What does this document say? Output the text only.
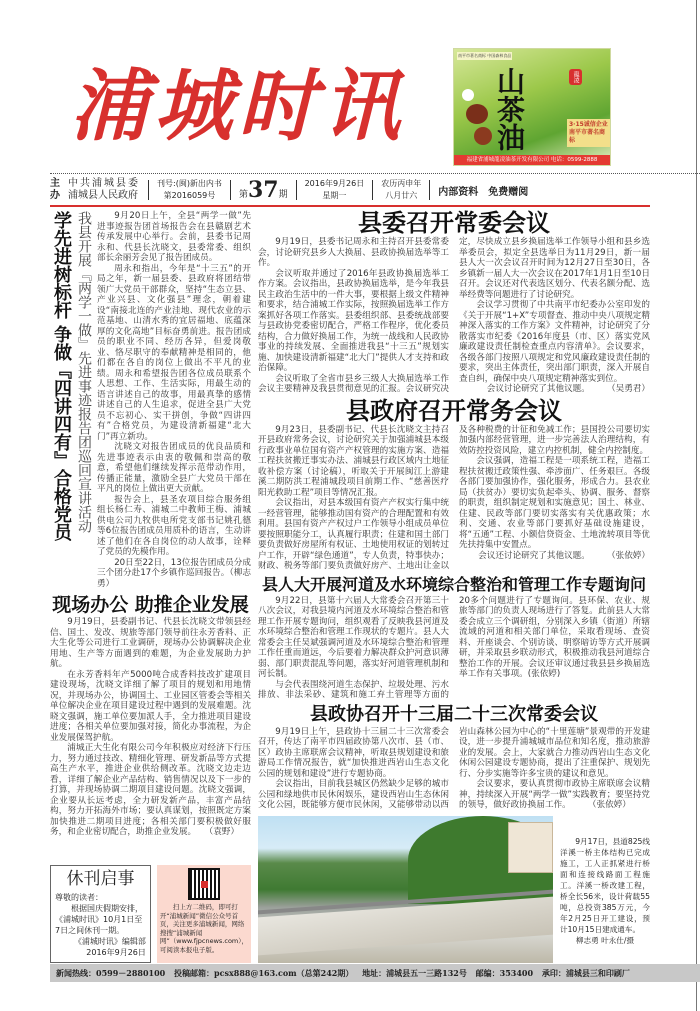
浦城时讯
南平市著名商标 中国森林食品
山茶油	龍凌
3·15诚信企业 南平市著名商标
福建省浦城龍凌油茶开发有限公司 电话：0599-2888
主办
中共浦城县委
浦城县人民政府
刊号:(闽)新出内书
第2016059号	第37期
2016年9月26日
星期一
农历丙申年
八月廿六	内部资料　免费赠阅
学先进树标杆 争做『四讲四有』合格党员 我县开展『两学一做』先进事迹报告团巡回宣讲活动	9月20日上午，全县“两学一做”先进事迹报告团首场报告会在县赣剧艺术传承发展中心举行。会前，县委书记周永和、代县长沈晓文，县委常委、组织部长余丽芳会见了报告团成员。

周永和指出，今年是“十三五”的开局之年，新一届县委、县政府将团结带领广大党员干部群众，坚持“生态立县、产业兴县、文化强县”理念，朝着建设“南接北连的产业洼地、现代农业的示范基地、山清水秀的宜居福地、底蕴深厚的文化高地”目标奋勇前进。报告团成员的职业不同、经历各异，但爱岗敬业、恪尽职守的奉献精神是相同的，他们都在各自的岗位上做出不平凡的业绩。周永和希望报告团各位成员联系个人思想、工作、生活实际，用最生动的语言讲述自己的故事，用最真挚的感情讲述自己的人生追求，促进全县广大党员不忘初心、实干拼创，争做“四讲四有”合格党员，为建设清新福建“北大门”再立新功。

沈晓文对报告团成员的优良品质和先进事迹表示由衷的敬佩和崇高的敬意，希望他们继续发挥示范带动作用，传播正能量，激励全县广大党员干部在平凡的岗位上做出更大贡献。

报告会上，县圣农项目综合服务组组长杨仁寿、浦城二中教师王梅、浦城供电公司九牧供电所党支部书记姚孔德等6位报告团成员用质朴的语言，生动讲述了他们在各自岗位的动人故事，诠释了党员的先模作用。

20日至22日，13位报告团成员分成三个团分赴17个乡镇作巡回报告。（柳志勇）

现场办公 助推企业发展

9月19日，县委副书记、代县长沈晓文带领县经信、国土、发改、规旅等部门领导前往永芳香料、正大生化等公司进行工业调研，现场办公协调解决企业用地、生产等方面遇到的难题，为企业发展助力护航。

在永芳香料年产5000吨合成香料技改扩建项目建设现场，沈晓文详细了解了项目的规划和用地情况，并现场办公，协调国土、工业园区管委会等相关单位解决企业在项目建设过程中遇到的发展难题。沈晓文强调，施工单位要加派人手，全力推进项目建设进度；各相关单位要加强对接，简化办事流程，为企业发展保驾护航。

浦城正大生化有限公司今年积极应对经济下行压力，努力通过技改、精细化管理、研发新品等方式提高生产水平，推进企业供给侧改革。沈晓文边走边看，详细了解企业产品结构、销售情况以及下一步的打算，并现场协调二期项目建设问题。沈晓文强调，企业要从长远考虑，全力研发新产品，丰富产品结构，努力开拓海外市场；要认真谋划，按照既定方案加快推进二期项目进度；各相关部门要积极做好服务，和企业密切配合，助推企业发展。　　（袁野）

休刊启事
尊敬的读者：
根据国庆假期安排，《浦城时讯》10月1日至7日之间休刊一期。
《浦城时讯》编辑部
2016年9月26日
扫上方二维码，即可打开“浦城新闻”微信公众号首页，关注更多浦城新闻，网络搜搜“浦城新闻网”（www.fjpcnews.com），可阅读本报电子版。
县委召开常委会议

9月19日，县委书记周永和主持召开县委常委会，讨论研究县乡人大换届、县政协换届选举等工作。

会议听取并通过了2016年县政协换届选举工作方案。会议指出，县政协换届选举，是今年我县民主政治生活中的一件大事，要根据上级文件精神和要求，结合浦城工作实际，按照换届选举工作方案抓好各项工作落实。县委组织部、县委统战部要与县政协党委密切配合，严格工作程序，优化委员结构，合力做好换届工作，为统一战线和人民政协事业的持续发展、全面推进我县“十三五”规划实施、加快建设清新福建“北大门”提供人才支持和政治保障。

会议听取了全省市县乡三级人大换届选举工作会议主要精神及我县贯彻意见的汇报。会议研究决定，尽快成立县乡换届选举工作领导小组和县乡选举委员会，拟定全县选举日为11月29日，新一届县人大一次会议召开时间为12月27日至30日，各乡镇新一届人大一次会议在2017年1月1日至10日召开。会议还对代表选区划分、代表名额分配、选举经费等问题进行了讨论研究。

会议学习贯彻了中共南平市纪委办公室印发的《关于开展“1+X”专项督查、推动中央八项规定精神深入落实的工作方案》文件精神，讨论研究了分散落实市纪委《2016年度县（市、区）落实党风廉政建设责任制检查重点内容清单》。会议要求，各级各部门按照八项规定和党风廉政建设责任制的要求，突出主体责任，突出部门职责，深入开展自查自纠，确保中央八项规定精神落实到位。

会议讨论研究了其他议题。　　　（吴勇君）

县政府召开常务会议

9月23日，县委副书记、代县长沈晓文主持召开县政府常务会议，讨论研究关于加强浦城县本级行政事业单位国有资产产权管理的实施方案、造福工程扶贫搬迁事实办法、浦城县行政区域内土地征收补偿方案（讨论稿），听取关于开展闽江上游建溪二期防洪工程浦城段项目前期工作、“慈善医疗阳光救助工程”项目等情况汇报。

会议指出，对县本级国有资产产权实行集中统一经营管理，能够推动国有资产的合理配置和有效利用。县国有资产产权过户工作领导小组成员单位要按照职能分工，认真履行职责；住建和国土部门要负责做好房屋所有权证、土地使用权证的划转过户工作，开辟“绿色通道”，专人负责，特事快办；财政、税务等部门要负责做好房产、土地出让金以及各种税费的计征和免减工作；县国投公司要切实加强内部经营管理，进一步完善法人治理结构，有效防控投资风险，建立内控机制，健全内控制度。

会议强调，造福工程是一项系统工程，造福工程扶贫搬迁政策性强、牵涉面广、任务艰巨。各级各部门要加强协作，强化服务，形成合力。县农业局（扶贫办）要切实负起牵头、协调、服务、督察的职责，组织制定规划和实施意见；国土、林业、住建、民政等部门要切实落实有关优惠政策；水利、交通、农业等部门要抓好基础设施建设，将“五通”工程、小额信贷资金、土地流转项目等优先扶持集中安置点。

会议还讨论研究了其他议题。　　　（张依婷）

县人大开展河道及水环境综合整治和管理工作专题询问

9月22日，县第十六届人大常委会召开第三十八次会议，对我县境内河道及水环境综合整治和管理工作开展专题询问，组织观看了反映我县河道及水环境综合整治和管理工作现状的专题片。县人大常委会主任吴斌强调河道及水环境综合整治和管理工作任重而道远，今后要着力解决群众护河意识薄弱、部门职责混乱等问题，落实好河道管理机制和河长制。

与会代表围绕河道生态保护、垃圾处理、污水排放、非法采砂、建筑和施工弃土管理等方面的20多个问题进行了专题询问。县环保、农业、规旅等部门的负责人现场进行了答复。此前县人大常委会成立三个调研组，分别深入乡镇（街道）所辖流域的河道和相关部门单位，采取看现场、查资料、开座谈会、个别访谈、明察暗访等方式开展调研，并采取县乡联动形式，积极推动我县河道综合整治工作的开展。会议还审议通过我县县乡换届选举工作有关事项。(张依婷)

县政协召开十三届二十三次常委会议

9月19日上午，县政协十三届二十三次常委会召开，传达了南平市四届政协第八次市、县（市、区）政协主席联席会议精神，听取县规划建设和旅游局工作情况报告，就“加快推进西岩山生态文化公园的规划和建设”进行专题协商。

会议指出，目前我县城区仍然缺少足够的城市公园和绿地供市民休闲娱乐，建设西岩山生态休闲文化公园，既能够方便市民休闲，又能够带动以西岩山森林公园为中心的“十里莲塘”景观带的开发建设，进一步提升浦城城市品位和知名度，推动旅游业的发展。会上，大家就合力推动西岩山生态文化休闲公园建设专题协商，提出了注重保护、规划先行、分步实施等许多宝贵的建议和意见。

会议要求，要认真贯彻市政协主席联席会议精神，持续深入开展“两学一做”实践教育；要坚持党的领导，做好政协换届工作。　　　（张依婷）

9月17日，县道825线洋溪一桥主体结构已完成施工，工人正抓紧进行桥面和连接线路面工程施工。洋溪一桥改建工程，桥全长56米，设计荷载55吨，总投资385万元，今年2月25日开工建设，预计10月15日建成通车。
柳志勇 叶永仕/摄
新闻热线：0599－2880100 投稿邮箱：pcsx888@163.com（总第242期） 地址：浦城县五一三路132号 邮编：353400 承印：浦城县三和印刷厂
